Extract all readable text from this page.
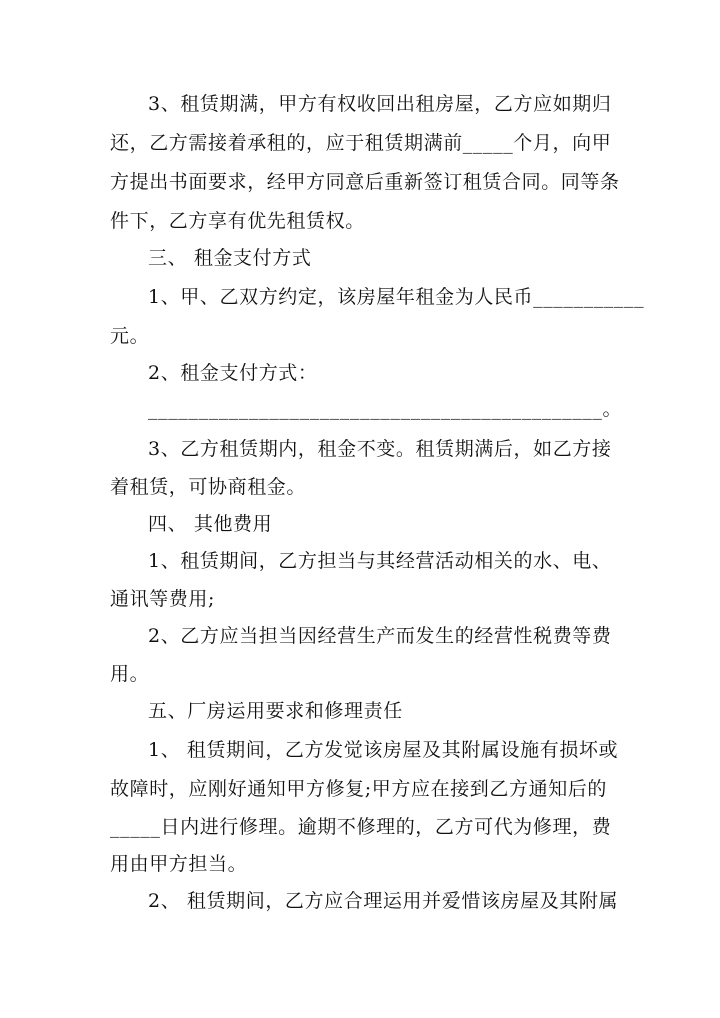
3、租赁期满，甲方有权收回出租房屋，乙方应如期归
还，乙方需接着承租的，应于租赁期满前_____个月，向甲
方提出书面要求，经甲方同意后重新签订租赁合同。同等条
件下，乙方享有优先租赁权。
三、 租金支付方式
1、甲、乙双方约定，该房屋年租金为人民币___________
元。
2、租金支付方式：
_____________________________________________。
3、乙方租赁期内，租金不变。租赁期满后，如乙方接
着租赁，可协商租金。
四、 其他费用
1、租赁期间，乙方担当与其经营活动相关的水、电、
通讯等费用;
2、乙方应当担当因经营生产而发生的经营性税费等费
用。
五、厂房运用要求和修理责任
1、 租赁期间，乙方发觉该房屋及其附属设施有损坏或
故障时，应刚好通知甲方修复;甲方应在接到乙方通知后的
_____日内进行修理。逾期不修理的，乙方可代为修理，费
用由甲方担当。
2、 租赁期间，乙方应合理运用并爱惜该房屋及其附属
